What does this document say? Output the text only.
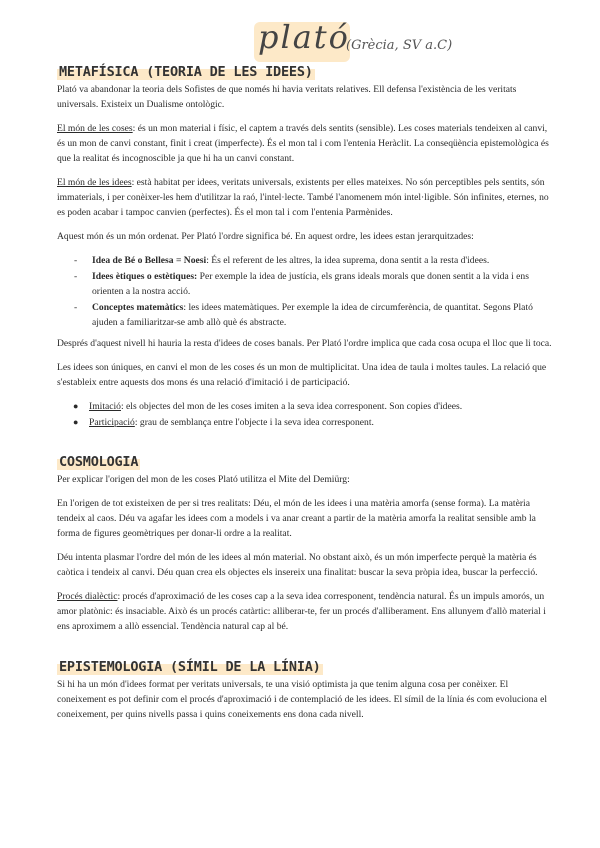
plató
(Grècia, SV a.C)
METAFÍSICA (TEORIA DE LES IDEES)

Plató va abandonar la teoria dels Sofistes de que només hi havia veritats relatives. Ell defensa l'existència de les veritats universals. Existeix un Dualisme ontològic.

El món de les coses: és un mon material i físic, el captem a través dels sentits (sensible). Les coses materials tendeixen al canvi, és un mon de canvi constant, finit i creat (imperfecte). És el mon tal i com l'entenia Heràclit. La conseqüència epistemològica és que la realitat és incognoscible ja que hi ha un canvi constant.

El món de les idees: està habitat per idees, veritats universals, existents per elles mateixes. No són perceptibles pels sentits, són immaterials, i per conèixer-les hem d'utilitzar la raó, l'intel·lecte. També l'anomenem món intel·ligible. Són infinites, eternes, no es poden acabar i tampoc canvien (perfectes). És el mon tal i com l'entenia Parmènides.

Aquest món és un món ordenat. Per Plató l'ordre significa bé. En aquest ordre, les idees estan jerarquitzades:

- Idea de Bé o Bellesa = Noesi: És el referent de les altres, la idea suprema, dona sentit a la resta d'idees.
- Idees ètiques o estètiques: Per exemple la idea de justícia, els grans ideals morals que donen sentit a la vida i ens orienten a la nostra acció.
- Conceptes matemàtics: les idees matemàtiques. Per exemple la idea de circumferència, de quantitat. Segons Plató ajuden a familiaritzar-se amb allò què és abstracte.

Després d'aquest nivell hi hauria la resta d'idees de coses banals. Per Plató l'ordre implica que cada cosa ocupa el lloc que li toca.

Les idees son úniques, en canvi el mon de les coses és un mon de multiplicitat. Una idea de taula i moltes taules. La relació que s'estableix entre aquests dos mons és una relació d'imitació i de participació.

● Imitació: els objectes del mon de les coses imiten a la seva idea corresponent. Son copies d'idees.
● Participació: grau de semblança entre l'objecte i la seva idea corresponent.
COSMOLOGIA

Per explicar l'origen del mon de les coses Plató utilitza el Mite del Demiürg:

En l'origen de tot existeixen de per si tres realitats: Déu, el món de les idees i una matèria amorfa (sense forma). La matèria tendeix al caos. Déu va agafar les idees com a models i va anar creant a partir de la matèria amorfa la realitat sensible amb la forma de figures geomètriques per donar-li ordre a la realitat.

Déu intenta plasmar l'ordre del món de les idees al món material. No obstant això, és un món imperfecte perquè la matèria és caòtica i tendeix al canvi. Déu quan crea els objectes els insereix una finalitat: buscar la seva pròpia idea, buscar la perfecció.

Procés dialèctic: procés d'aproximació de les coses cap a la seva idea corresponent, tendència natural. És un impuls amorós, un amor platònic: és insaciable. Això és un procés catàrtic: alliberar-te, fer un procés d'alliberament. Ens allunyem d'allò material i ens aproximem a allò essencial. Tendència natural cap al bé.

EPISTEMOLOGIA (SÍMIL DE LA LÍNIA)

Si hi ha un món d'idees format per veritats universals, te una visió optimista ja que tenim alguna cosa per conèixer. El coneixement es pot definir com el procés d'aproximació i de contemplació de les idees. El símil de la línia és com evoluciona el coneixement, per quins nivells passa i quins coneixements ens dona cada nivell.
